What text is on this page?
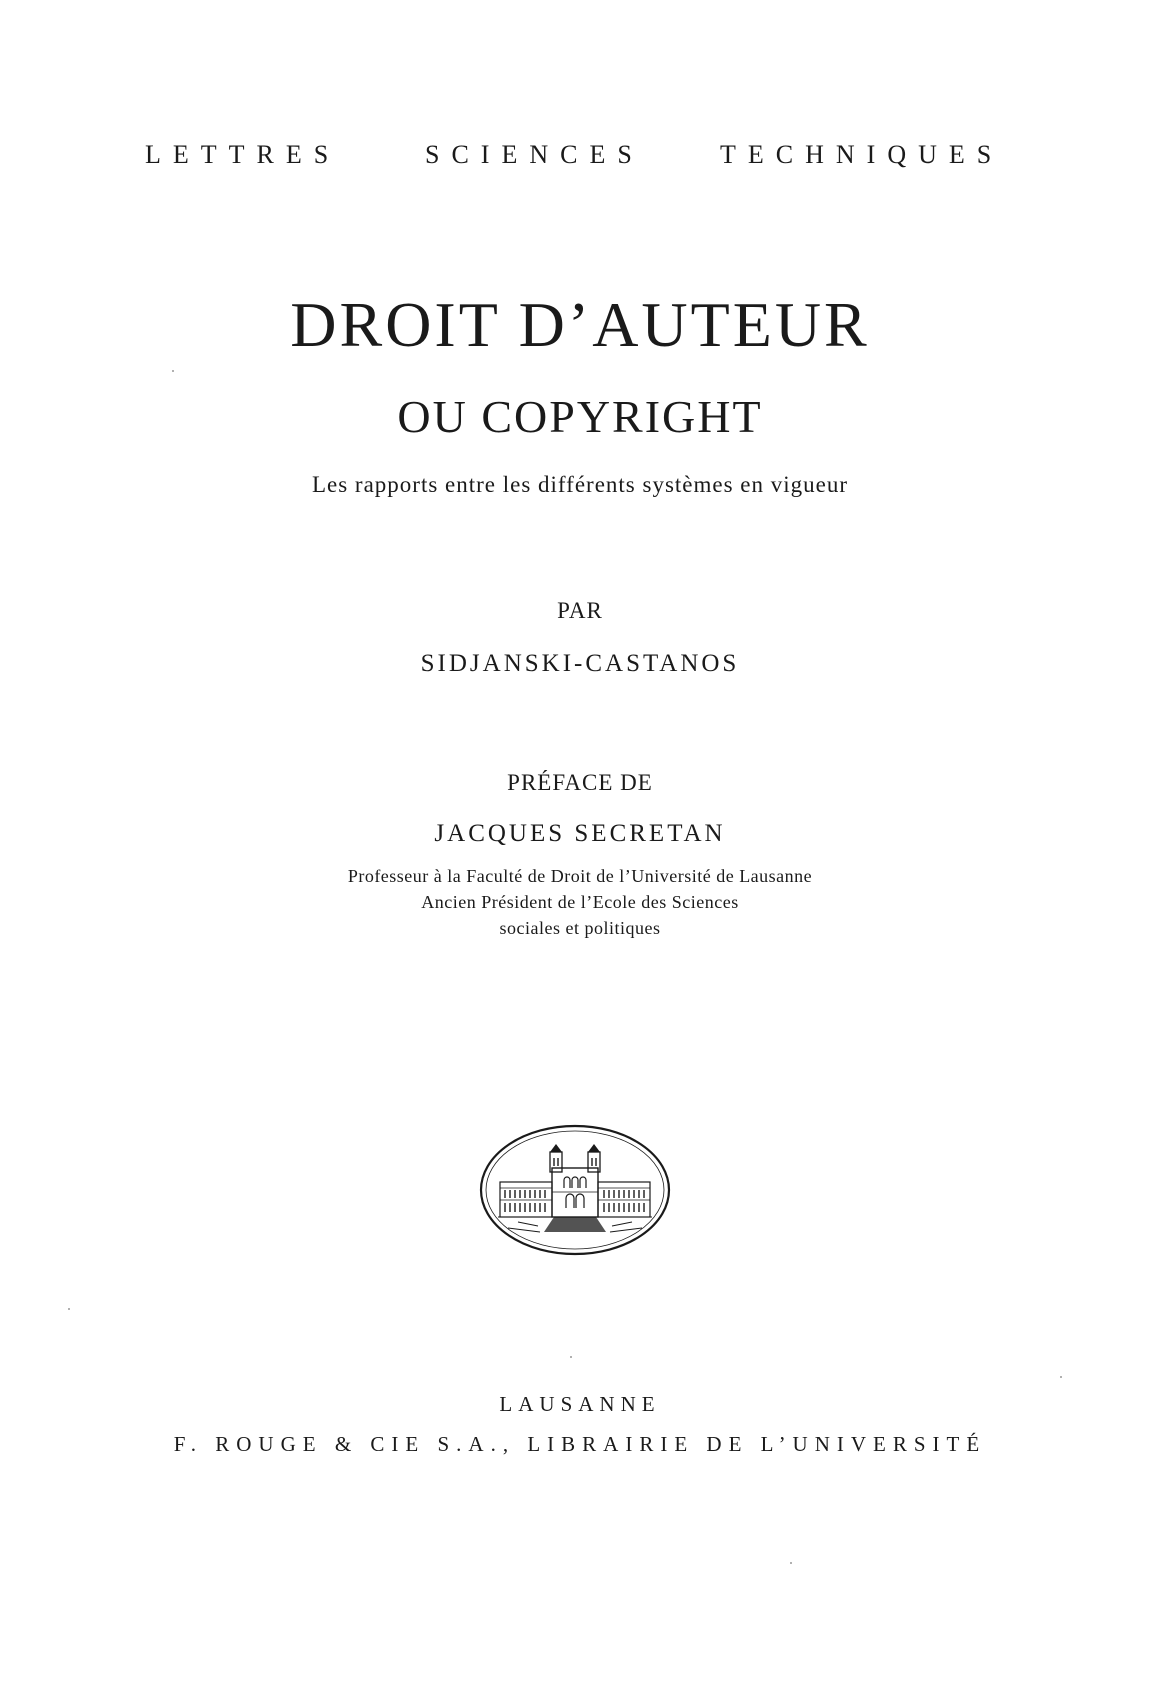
LETTRES	SCIENCES	TECHNIQUES
DROIT D’AUTEUR
OU COPYRIGHT
Les rapports entre les différents systèmes en vigueur
PAR
SIDJANSKI-CASTANOS
PRÉFACE DE
JACQUES SECRETAN
Professeur à la Faculté de Droit de l’Université de Lausanne
Ancien Président de l’Ecole des Sciences
sociales et politiques
LAUSANNE
F. ROUGE & CIE S.A., LIBRAIRIE DE L’UNIVERSITÉ
